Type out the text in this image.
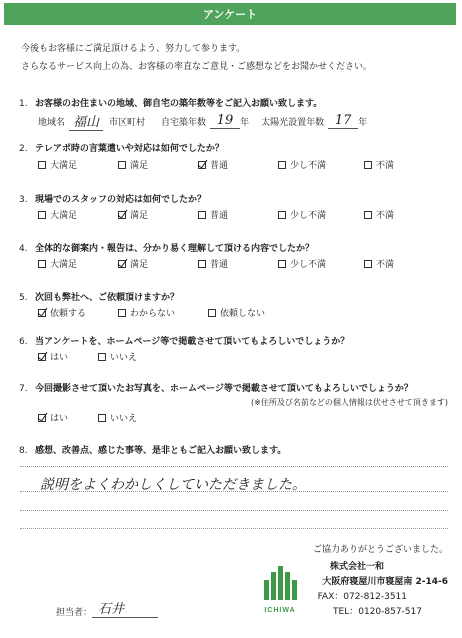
アンケート
今後もお客様にご満足頂けるよう、努力して参ります。
さらなるサービス向上の為、お客様の率直なご意見・ご感想などをお聞かせください。
1. お客様のお住まいの地域、御自宅の築年数等をご記入お願い致します。
地域名 福山	市区町村 自宅築年数 19 年 太陽光設置年数 17 年
2. テレアポ時の言葉遣いや対応は如何でしたか？
大満足	満足	普通	少し不満	不満
3. 現場でのスタッフの対応は如何でしたか？
大満足	満足	普通	少し不満	不満
4. 全体的な御案内・報告は、分かり易く理解して頂ける内容でしたか？
大満足	満足	普通	少し不満	不満
5. 次回も弊社へ、ご依頼頂けますか？
依頼する	わからない	依頼しない
6. 当アンケートを、ホームページ等で掲載させて頂いてもよろしいでしょうか？
はい	いいえ
7. 今回撮影させて頂いたお写真を、ホームページ等で掲載させて頂いてもよろしいでしょうか？
(※住所及び名前などの個人情報は伏せさせて頂きます)
はい	いいえ
8. 感想、改善点、感じた事等、是非ともご記入お願い致します。
説明をよくわかしくしていただきました。
ご協力ありがとうございました。
株式会社一和
大阪府寝屋川市寝屋南 2-14-6
FAX：072-812-3511
TEL：0120-857-517
ICHIWA
担当者： 石井
